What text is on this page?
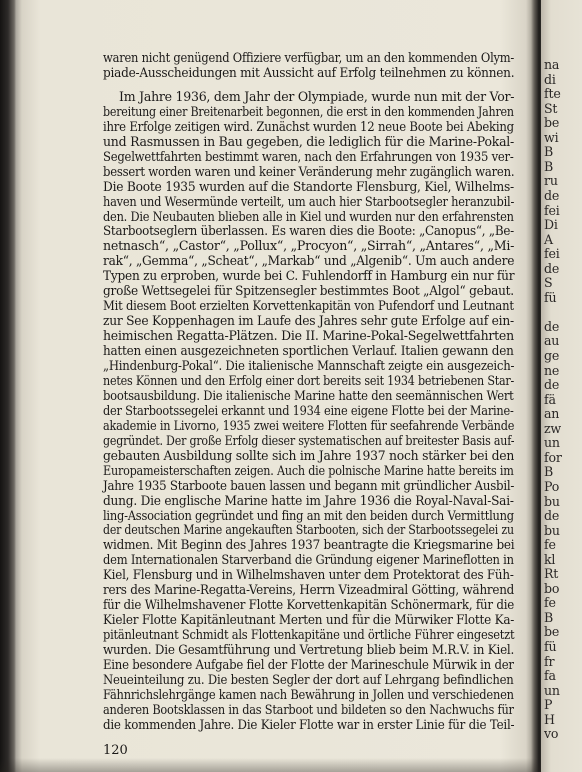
waren nicht genügend Offiziere verfügbar, um an den kommenden Olym-
piade-Ausscheidungen mit Aussicht auf Erfolg teilnehmen zu können.
Im Jahre 1936, dem Jahr der Olympiade, wurde nun mit der Vor-
bereitung einer Breitenarbeit begonnen, die erst in den kommenden Jahren
ihre Erfolge zeitigen wird. Zunächst wurden 12 neue Boote bei Abeking
und Rasmussen in Bau gegeben, die lediglich für die Marine-Pokal-
Segelwettfahrten bestimmt waren, nach den Erfahrungen von 1935 ver-
bessert worden waren und keiner Veränderung mehr zugänglich waren.
Die Boote 1935 wurden auf die Standorte Flensburg, Kiel, Wilhelms-
haven und Wesermünde verteilt, um auch hier Starbootsegler heranzubil-
den. Die Neubauten blieben alle in Kiel und wurden nur den erfahrensten
Starbootseglern überlassen. Es waren dies die Boote: „Canopus“, „Be-
netnasch“, „Castor“, „Pollux“, „Procyon“, „Sirrah“, „Antares“, „Mi-
rak“, „Gemma“, „Scheat“, „Markab“ und „Algenib“. Um auch andere
Typen zu erproben, wurde bei C. Fuhlendorff in Hamburg ein nur für
große Wettsegelei für Spitzensegler bestimmtes Boot „Algol“ gebaut.
Mit diesem Boot erzielten Korvettenkapitän von Pufendorf und Leutnant
zur See Koppenhagen im Laufe des Jahres sehr gute Erfolge auf ein-
heimischen Regatta-Plätzen. Die II. Marine-Pokal-Segelwettfahrten
hatten einen ausgezeichneten sportlichen Verlauf. Italien gewann den
„Hindenburg-Pokal“. Die italienische Mannschaft zeigte ein ausgezeich-
netes Können und den Erfolg einer dort bereits seit 1934 betriebenen Star-
bootsausbildung. Die italienische Marine hatte den seemännischen Wert
der Starbootssegelei erkannt und 1934 eine eigene Flotte bei der Marine-
akademie in Livorno, 1935 zwei weitere Flotten für seefahrende Verbände
gegründet. Der große Erfolg dieser systematischen auf breitester Basis auf-
gebauten Ausbildung sollte sich im Jahre 1937 noch stärker bei den
Europameisterschaften zeigen. Auch die polnische Marine hatte bereits im
Jahre 1935 Starboote bauen lassen und begann mit gründlicher Ausbil-
dung. Die englische Marine hatte im Jahre 1936 die Royal-Naval-Sai-
ling-Association gegründet und fing an mit den beiden durch Vermittlung
der deutschen Marine angekauften Starbooten, sich der Starbootssegelei zu
widmen. Mit Beginn des Jahres 1937 beantragte die Kriegsmarine bei
dem Internationalen Starverband die Gründung eigener Marineflotten in
Kiel, Flensburg und in Wilhelmshaven unter dem Protektorat des Füh-
rers des Marine-Regatta-Vereins, Herrn Vizeadmiral Götting, während
für die Wilhelmshavener Flotte Korvettenkapitän Schönermark, für die
Kieler Flotte Kapitänleutnant Merten und für die Mürwiker Flotte Ka-
pitänleutnant Schmidt als Flottenkapitäne und örtliche Führer eingesetzt
wurden. Die Gesamtführung und Vertretung blieb beim M.R.V. in Kiel.
Eine besondere Aufgabe fiel der Flotte der Marineschule Mürwik in der
Neueinteilung zu. Die besten Segler der dort auf Lehrgang befindlichen
Fähnrichslehrgänge kamen nach Bewährung in Jollen und verschiedenen
anderen Bootsklassen in das Starboot und bildeten so den Nachwuchs für
die kommenden Jahre. Die Kieler Flotte war in erster Linie für die Teil-
120
na
di
fte
St
be
wi
B
B
ru
de
fei
Di
A
fei
de
S
fü
de
au
ge
ne
de
fä
an
zw
un
for
B
Po
bu
de
bu
fe
kl
Rt
bo
fe
B
be
fü
fr
fa
un
P
H
vo
